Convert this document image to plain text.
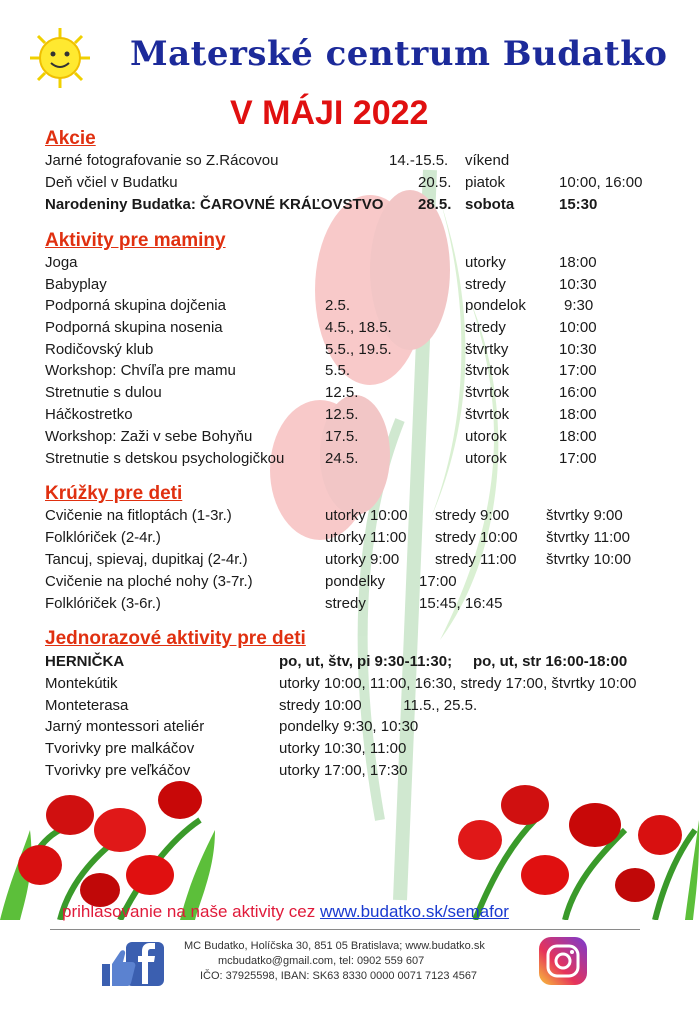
Materské centrum Budatko
V MÁJI 2022
Akcie
Jarné fotografovanie so Z.Rácovou	14.-15.5. víkend
Deň včiel v Budatku	20.5. piatok	10:00, 16:00
Narodeniny Budatka: ČAROVNÉ KRÁĽOVSTVO 28.5. sobota	15:30
Aktivity pre maminy
Joga	utorky	18:00
Babyplay	stredy	10:30
Podporná skupina dojčenia	2.5.	pondelok	9:30
Podporná skupina nosenia	4.5., 18.5.	stredy	10:00
Rodičovský klub	5.5., 19.5.	štvrtky	10:30
Workshop: Chvíľa pre mamu	5.5.	štvrtok	17:00
Stretnutie s dulou	12.5.	štvrtok	16:00
Háčkostretko	12.5.	štvrtok	18:00
Workshop: Zaži v sebe Bohyňu	17.5.	utorok	18:00
Stretnutie s detskou psychologičkou	24.5.	utorok	17:00
Krúžky pre deti
Cvičenie na fitloptách (1-3r.)	utorky 10:00 stredy 9:00 štvrtky 9:00
Folklóriček (2-4r.)	utorky 11:00 stredy 10:00 štvrtky 11:00
Tancuj, spievaj, dupitkaj (2-4r.)	utorky 9:00 stredy 11:00 štvrtky 10:00
Cvičenie na ploché nohy (3-7r.)	pondelky 17:00
Folklóriček (3-6r.)	stredy	15:45, 16:45
Jednorazové aktivity pre deti
HERNIČKA	po, ut, štv, pi 9:30-11:30;     po, ut, str 16:00-18:00
Montekútik	utorky 10:00, 11:00, 16:30, stredy 17:00, štvrtky 10:00
Monteterasa	stredy 10:00          11.5., 25.5.
Jarný montessori ateliér	pondelky 9:30, 10:30
Tvorivky pre malkáčov	utorky 10:30, 11:00
Tvorivky pre veľkáčov	utorky 17:00, 17:30
prihlasovanie na naše aktivity cez www.budatko.sk/semafor
MC Budatko, Holíčska 30, 851 05 Bratislava; www.budatko.sk
mcbudatko@gmail.com, tel: 0902 559 607
IČO: 37925598, IBAN: SK63 8330 0000 0071 7123 4567
